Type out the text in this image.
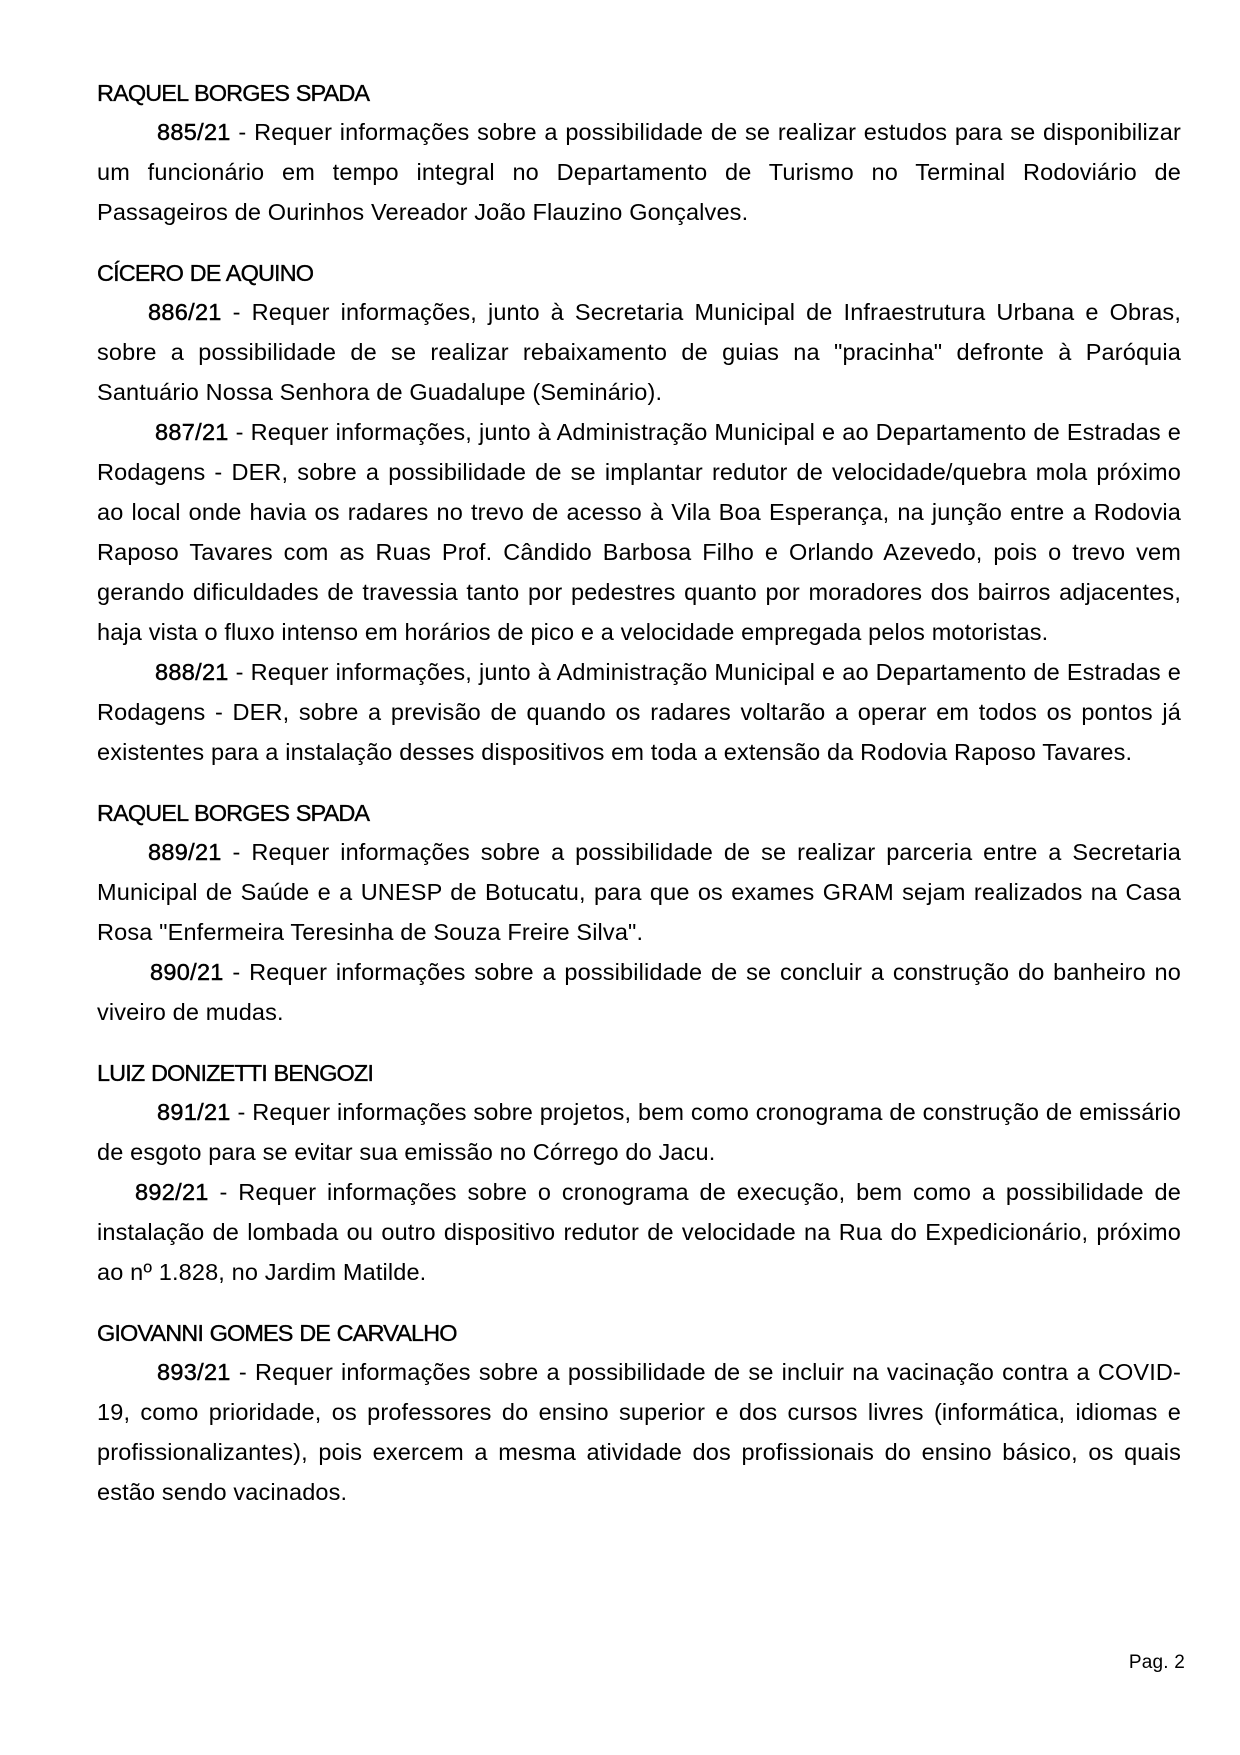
RAQUEL BORGES SPADA

885/21 - Requer informações sobre a possibilidade de se realizar estudos para se disponibilizar um funcionário em tempo integral no Departamento de Turismo no Terminal Rodoviário de Passageiros de Ourinhos Vereador João Flauzino Gonçalves.

CÍCERO DE AQUINO

886/21 - Requer informações, junto à Secretaria Municipal de Infraestrutura Urbana e Obras, sobre a possibilidade de se realizar rebaixamento de guias na "pracinha" defronte à Paróquia Santuário Nossa Senhora de Guadalupe (Seminário).

887/21 - Requer informações, junto à Administração Municipal e ao Departamento de Estradas e Rodagens - DER, sobre a possibilidade de se implantar redutor de velocidade/quebra mola próximo ao local onde havia os radares no trevo de acesso à Vila Boa Esperança, na junção entre a Rodovia Raposo Tavares com as Ruas Prof. Cândido Barbosa Filho e Orlando Azevedo, pois o trevo vem gerando dificuldades de travessia tanto por pedestres quanto por moradores dos bairros adjacentes, haja vista o fluxo intenso em horários de pico e a velocidade empregada pelos motoristas.

888/21 - Requer informações, junto à Administração Municipal e ao Departamento de Estradas e Rodagens - DER, sobre a previsão de quando os radares voltarão a operar em todos os pontos já existentes para a instalação desses dispositivos em toda a extensão da Rodovia Raposo Tavares.

RAQUEL BORGES SPADA

889/21 - Requer informações sobre a possibilidade de se realizar parceria entre a Secretaria Municipal de Saúde e a UNESP de Botucatu, para que os exames GRAM sejam realizados na Casa Rosa "Enfermeira Teresinha de Souza Freire Silva".

890/21 - Requer informações sobre a possibilidade de se concluir a construção do banheiro no viveiro de mudas.

LUIZ DONIZETTI BENGOZI

891/21 - Requer informações sobre projetos, bem como cronograma de construção de emissário de esgoto para se evitar sua emissão no Córrego do Jacu.

892/21 - Requer informações sobre o cronograma de execução, bem como a possibilidade de instalação de lombada ou outro dispositivo redutor de velocidade na Rua do Expedicionário, próximo ao nº 1.828, no Jardim Matilde.

GIOVANNI GOMES DE CARVALHO

893/21 - Requer informações sobre a possibilidade de se incluir na vacinação contra a COVID-19, como prioridade, os professores do ensino superior e dos cursos livres (informática, idiomas e profissionalizantes), pois exercem a mesma atividade dos profissionais do ensino básico, os quais estão sendo vacinados.

Pag. 2
